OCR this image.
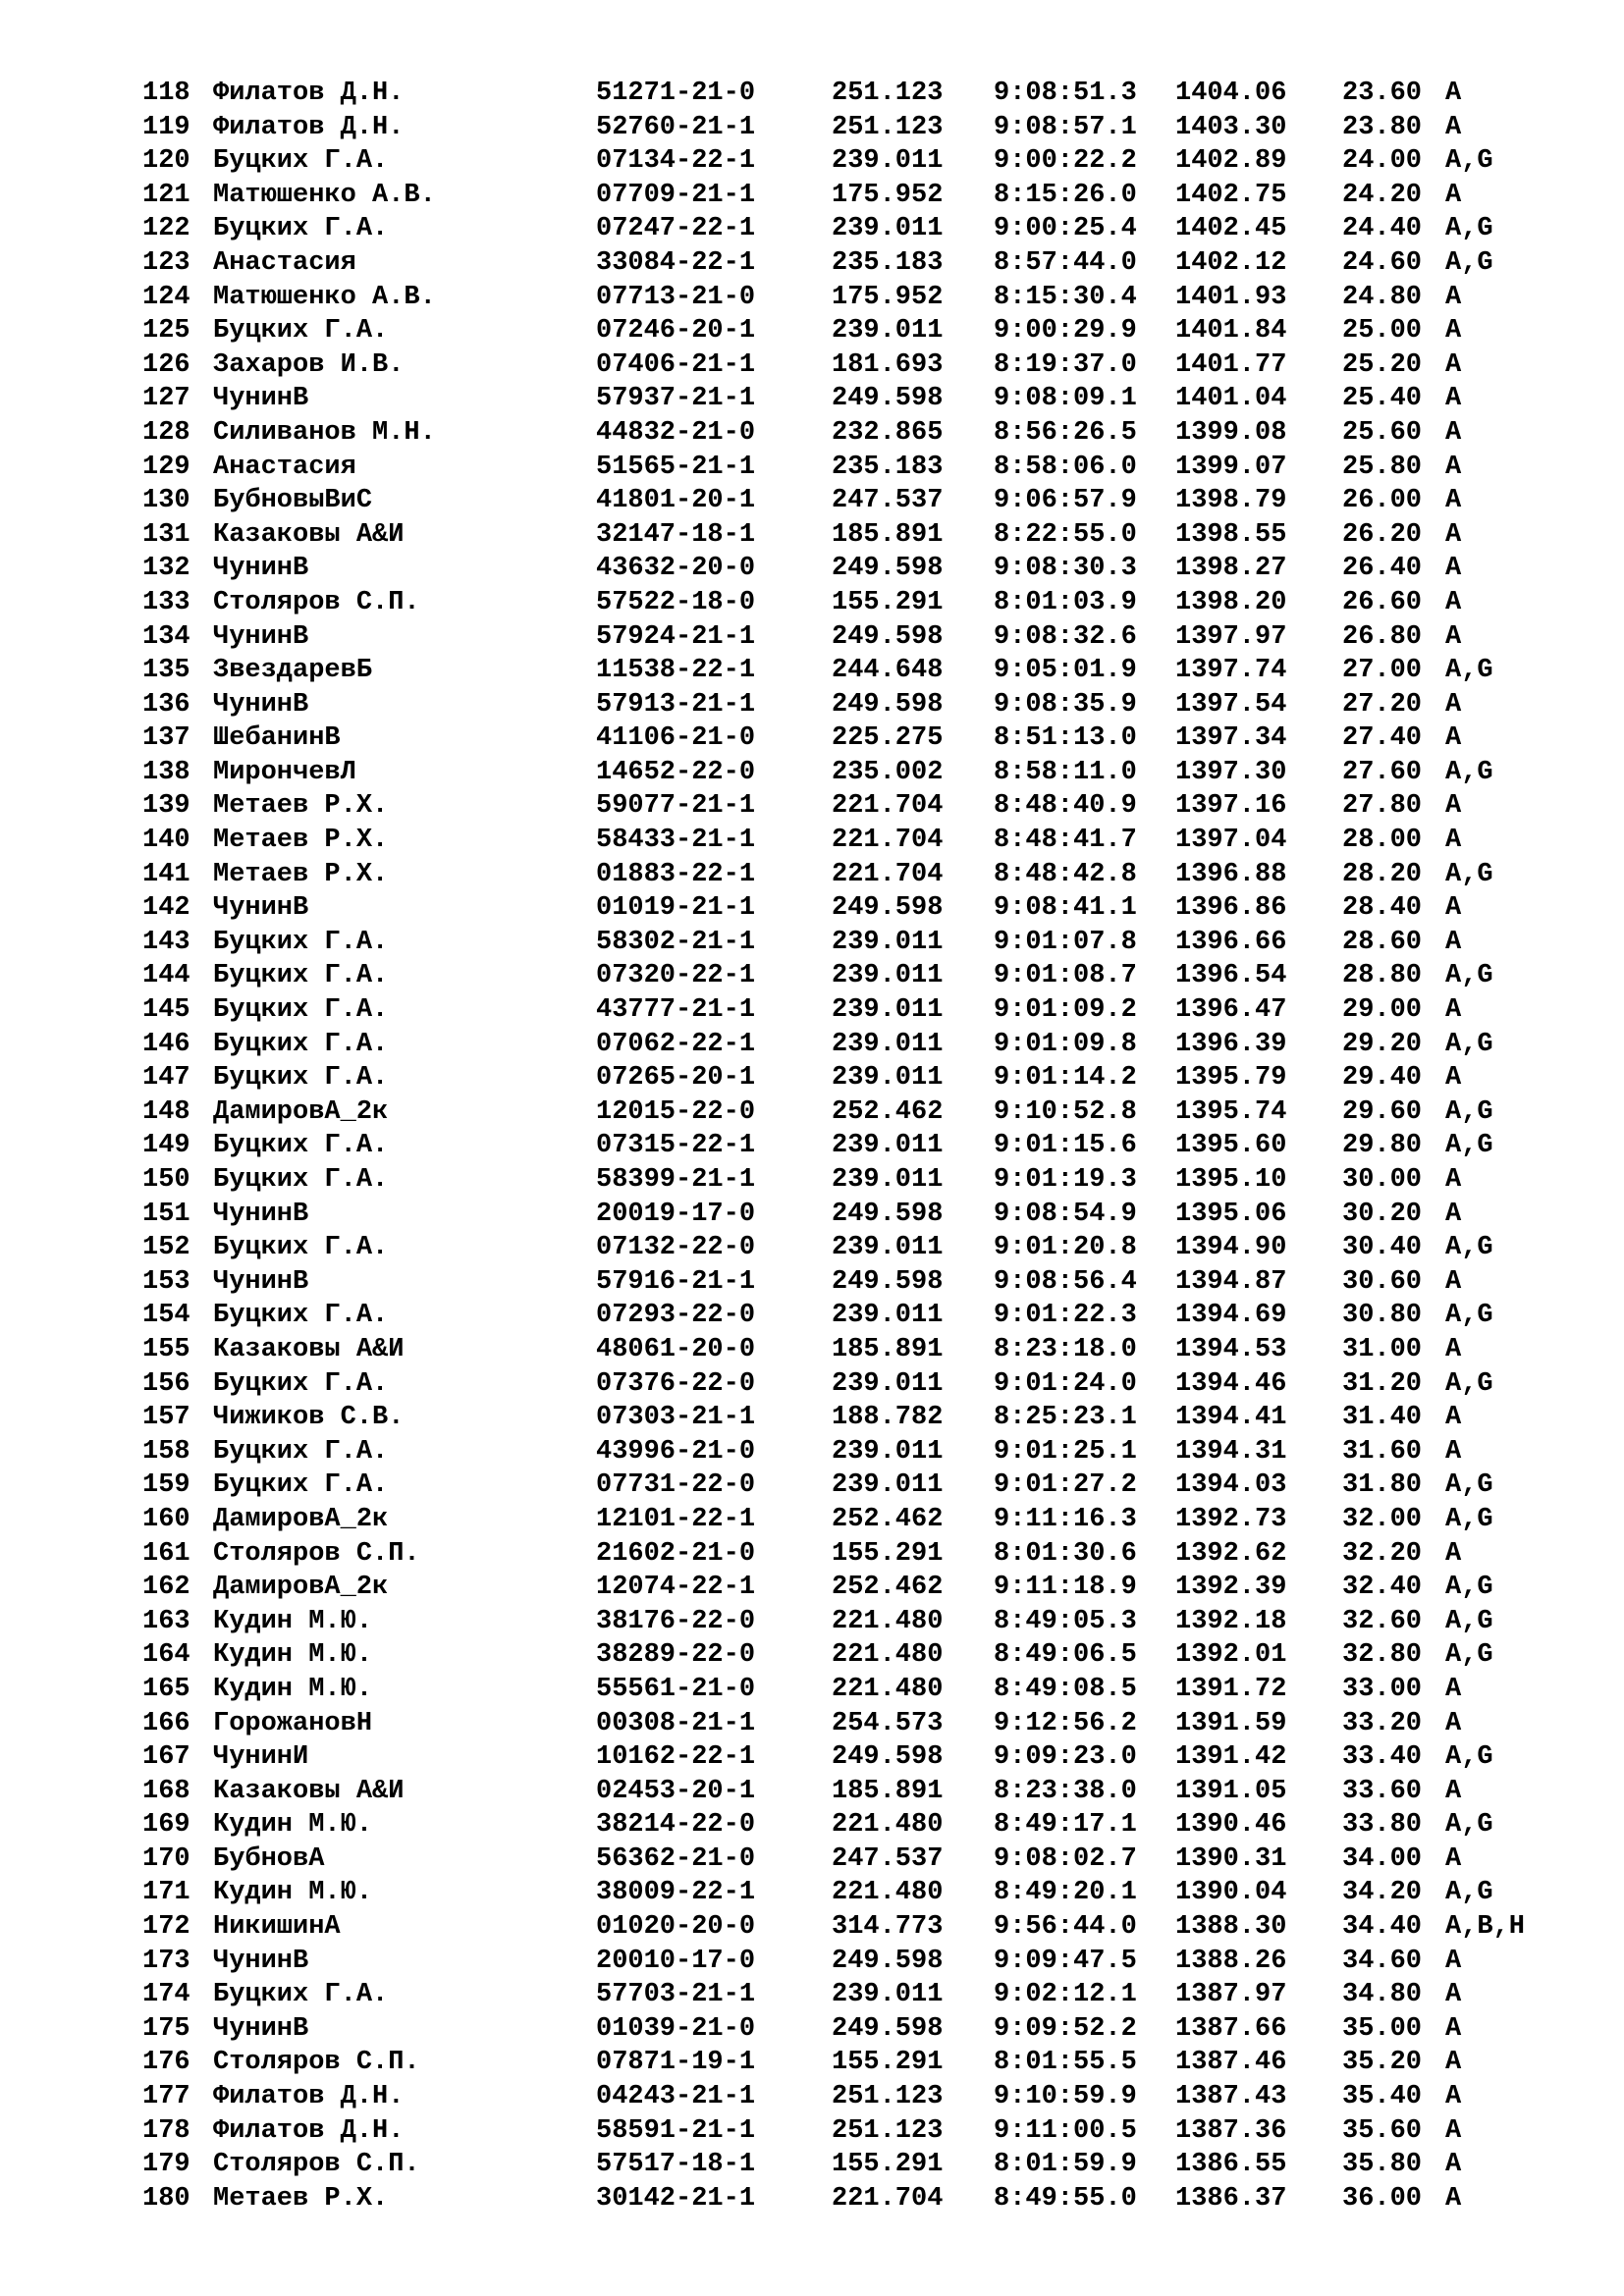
118 Филатов Д.Н.	51271-21-0	251.123 9:08:51.3 1404.06 23.60 A
119 Филатов Д.Н.	52760-21-1	251.123 9:08:57.1 1403.30 23.80 A
120 Буцких Г.А.	07134-22-1	239.011 9:00:22.2 1402.89 24.00 A,G
121 Матюшенко А.В.	07709-21-1	175.952 8:15:26.0 1402.75 24.20 A
122 Буцких Г.А.	07247-22-1	239.011 9:00:25.4 1402.45 24.40 A,G
123 Анастасия	33084-22-1	235.183 8:57:44.0 1402.12 24.60 A,G
124 Матюшенко А.В.	07713-21-0	175.952 8:15:30.4 1401.93 24.80 A
125 Буцких Г.А.	07246-20-1	239.011 9:00:29.9 1401.84 25.00 A
126 Захаров И.В.	07406-21-1	181.693 8:19:37.0 1401.77 25.20 A
127 ЧунинВ	57937-21-1	249.598 9:08:09.1 1401.04 25.40 A
128 Силиванов М.Н.	44832-21-0	232.865 8:56:26.5 1399.08 25.60 A
129 Анастасия	51565-21-1	235.183 8:58:06.0 1399.07 25.80 A
130 БубновыВиС	41801-20-1	247.537 9:06:57.9 1398.79 26.00 A
131 Казаковы А&И	32147-18-1	185.891 8:22:55.0 1398.55 26.20 A
132 ЧунинВ	43632-20-0	249.598 9:08:30.3 1398.27 26.40 A
133 Столяров С.П.	57522-18-0	155.291 8:01:03.9 1398.20 26.60 A
134 ЧунинВ	57924-21-1	249.598 9:08:32.6 1397.97 26.80 A
135 ЗвездаревБ	11538-22-1	244.648 9:05:01.9 1397.74 27.00 A,G
136 ЧунинВ	57913-21-1	249.598 9:08:35.9 1397.54 27.20 A
137 ШебанинВ	41106-21-0	225.275 8:51:13.0 1397.34 27.40 A
138 МирончевЛ	14652-22-0	235.002 8:58:11.0 1397.30 27.60 A,G
139 Метаев Р.Х.	59077-21-1	221.704 8:48:40.9 1397.16 27.80 A
140 Метаев Р.Х.	58433-21-1	221.704 8:48:41.7 1397.04 28.00 A
141 Метаев Р.Х.	01883-22-1	221.704 8:48:42.8 1396.88 28.20 A,G
142 ЧунинВ	01019-21-1	249.598 9:08:41.1 1396.86 28.40 A
143 Буцких Г.А.	58302-21-1	239.011 9:01:07.8 1396.66 28.60 A
144 Буцких Г.А.	07320-22-1	239.011 9:01:08.7 1396.54 28.80 A,G
145 Буцких Г.А.	43777-21-1	239.011 9:01:09.2 1396.47 29.00 A
146 Буцких Г.А.	07062-22-1	239.011 9:01:09.8 1396.39 29.20 A,G
147 Буцких Г.А.	07265-20-1	239.011 9:01:14.2 1395.79 29.40 A
148 ДамировА_2к	12015-22-0	252.462 9:10:52.8 1395.74 29.60 A,G
149 Буцких Г.А.	07315-22-1	239.011 9:01:15.6 1395.60 29.80 A,G
150 Буцких Г.А.	58399-21-1	239.011 9:01:19.3 1395.10 30.00 A
151 ЧунинВ	20019-17-0	249.598 9:08:54.9 1395.06 30.20 A
152 Буцких Г.А.	07132-22-0	239.011 9:01:20.8 1394.90 30.40 A,G
153 ЧунинВ	57916-21-1	249.598 9:08:56.4 1394.87 30.60 A
154 Буцких Г.А.	07293-22-0	239.011 9:01:22.3 1394.69 30.80 A,G
155 Казаковы А&И	48061-20-0	185.891 8:23:18.0 1394.53 31.00 A
156 Буцких Г.А.	07376-22-0	239.011 9:01:24.0 1394.46 31.20 A,G
157 Чижиков С.В.	07303-21-1	188.782 8:25:23.1 1394.41 31.40 A
158 Буцких Г.А.	43996-21-0	239.011 9:01:25.1 1394.31 31.60 A
159 Буцких Г.А.	07731-22-0	239.011 9:01:27.2 1394.03 31.80 A,G
160 ДамировА_2к	12101-22-1	252.462 9:11:16.3 1392.73 32.00 A,G
161 Столяров С.П.	21602-21-0	155.291 8:01:30.6 1392.62 32.20 A
162 ДамировА_2к	12074-22-1	252.462 9:11:18.9 1392.39 32.40 A,G
163 Кудин М.Ю.	38176-22-0	221.480 8:49:05.3 1392.18 32.60 A,G
164 Кудин М.Ю.	38289-22-0	221.480 8:49:06.5 1392.01 32.80 A,G
165 Кудин М.Ю.	55561-21-0	221.480 8:49:08.5 1391.72 33.00 A
166 ГорожановН	00308-21-1	254.573 9:12:56.2 1391.59 33.20 A
167 ЧунинИ	10162-22-1	249.598 9:09:23.0 1391.42 33.40 A,G
168 Казаковы А&И	02453-20-1	185.891 8:23:38.0 1391.05 33.60 A
169 Кудин М.Ю.	38214-22-0	221.480 8:49:17.1 1390.46 33.80 A,G
170 БубновА	56362-21-0	247.537 9:08:02.7 1390.31 34.00 A
171 Кудин М.Ю.	38009-22-1	221.480 8:49:20.1 1390.04 34.20 A,G
172 НикишинА	01020-20-0	314.773 9:56:44.0 1388.30 34.40 A,B,H
173 ЧунинВ	20010-17-0	249.598 9:09:47.5 1388.26 34.60 A
174 Буцких Г.А.	57703-21-1	239.011 9:02:12.1 1387.97 34.80 A
175 ЧунинВ	01039-21-0	249.598 9:09:52.2 1387.66 35.00 A
176 Столяров С.П.	07871-19-1	155.291 8:01:55.5 1387.46 35.20 A
177 Филатов Д.Н.	04243-21-1	251.123 9:10:59.9 1387.43 35.40 A
178 Филатов Д.Н.	58591-21-1	251.123 9:11:00.5 1387.36 35.60 A
179 Столяров С.П.	57517-18-1	155.291 8:01:59.9 1386.55 35.80 A
180 Метаев Р.Х.	30142-21-1	221.704 8:49:55.0 1386.37 36.00 A
